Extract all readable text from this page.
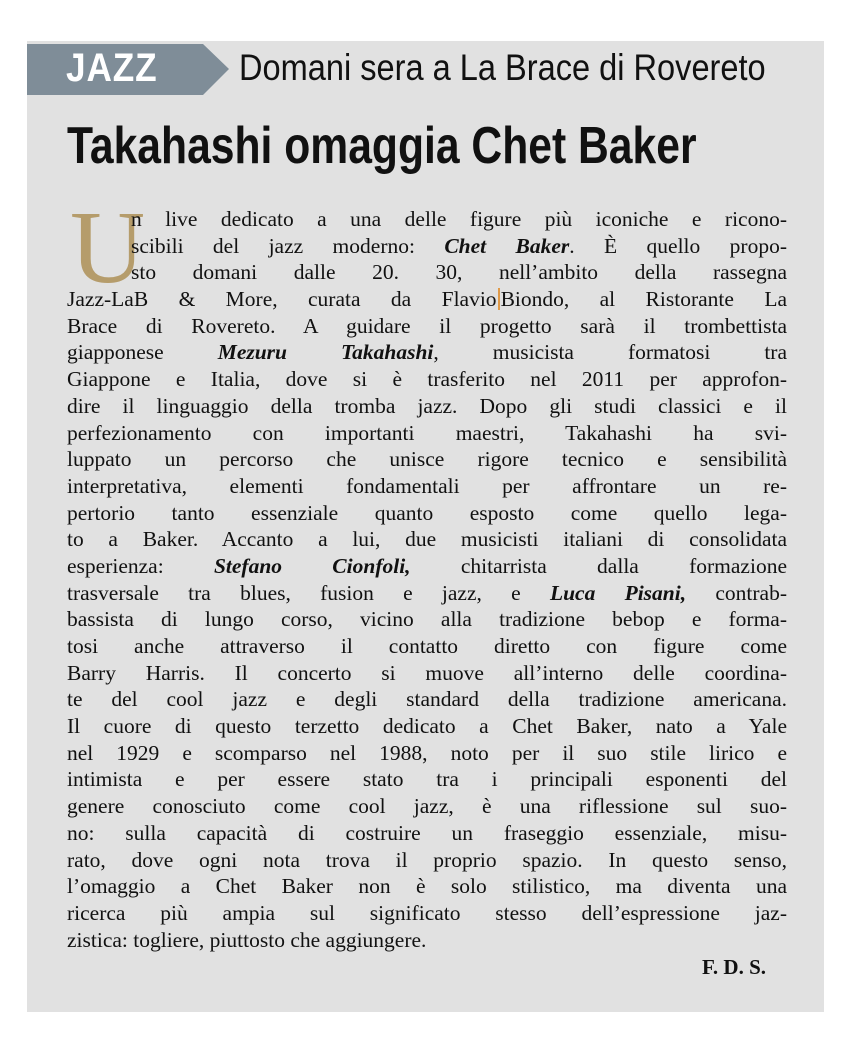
JAZZ Domani sera a La Brace di Rovereto
Takahashi omaggia Chet Baker
U
n live dedicato a una delle figure più iconiche e ricono-
scibili del jazz moderno: Chet Baker. È quello propo-
sto domani dalle 20. 30, nell’ambito della rassegna
Jazz-LaB & More, curata da Flavio Biondo, al Ristorante La
Brace di Rovereto. A guidare il progetto sarà il trombettista
giapponese Mezuru Takahashi, musicista formatosi tra
Giappone e Italia, dove si è trasferito nel 2011 per approfon-
dire il linguaggio della tromba jazz. Dopo gli studi classici e il
perfezionamento con importanti maestri, Takahashi ha svi-
luppato un percorso che unisce rigore tecnico e sensibilità
interpretativa, elementi fondamentali per affrontare un re-
pertorio tanto essenziale quanto esposto come quello lega-
to a Baker. Accanto a lui, due musicisti italiani di consolidata
esperienza: Stefano Cionfoli, chitarrista dalla formazione
trasversale tra blues, fusion e jazz, e Luca Pisani, contrab-
bassista di lungo corso, vicino alla tradizione bebop e forma-
tosi anche attraverso il contatto diretto con figure come
Barry Harris. Il concerto si muove all’interno delle coordina-
te del cool jazz e degli standard della tradizione americana.
Il cuore di questo terzetto dedicato a Chet Baker, nato a Yale
nel 1929 e scomparso nel 1988, noto per il suo stile lirico e
intimista e per essere stato tra i principali esponenti del
genere conosciuto come cool jazz, è una riflessione sul suo-
no: sulla capacità di costruire un fraseggio essenziale, misu-
rato, dove ogni nota trova il proprio spazio. In questo senso,
l’omaggio a Chet Baker non è solo stilistico, ma diventa una
ricerca più ampia sul significato stesso dell’espressione jaz-
zistica: togliere, piuttosto che aggiungere.
F. D. S.
